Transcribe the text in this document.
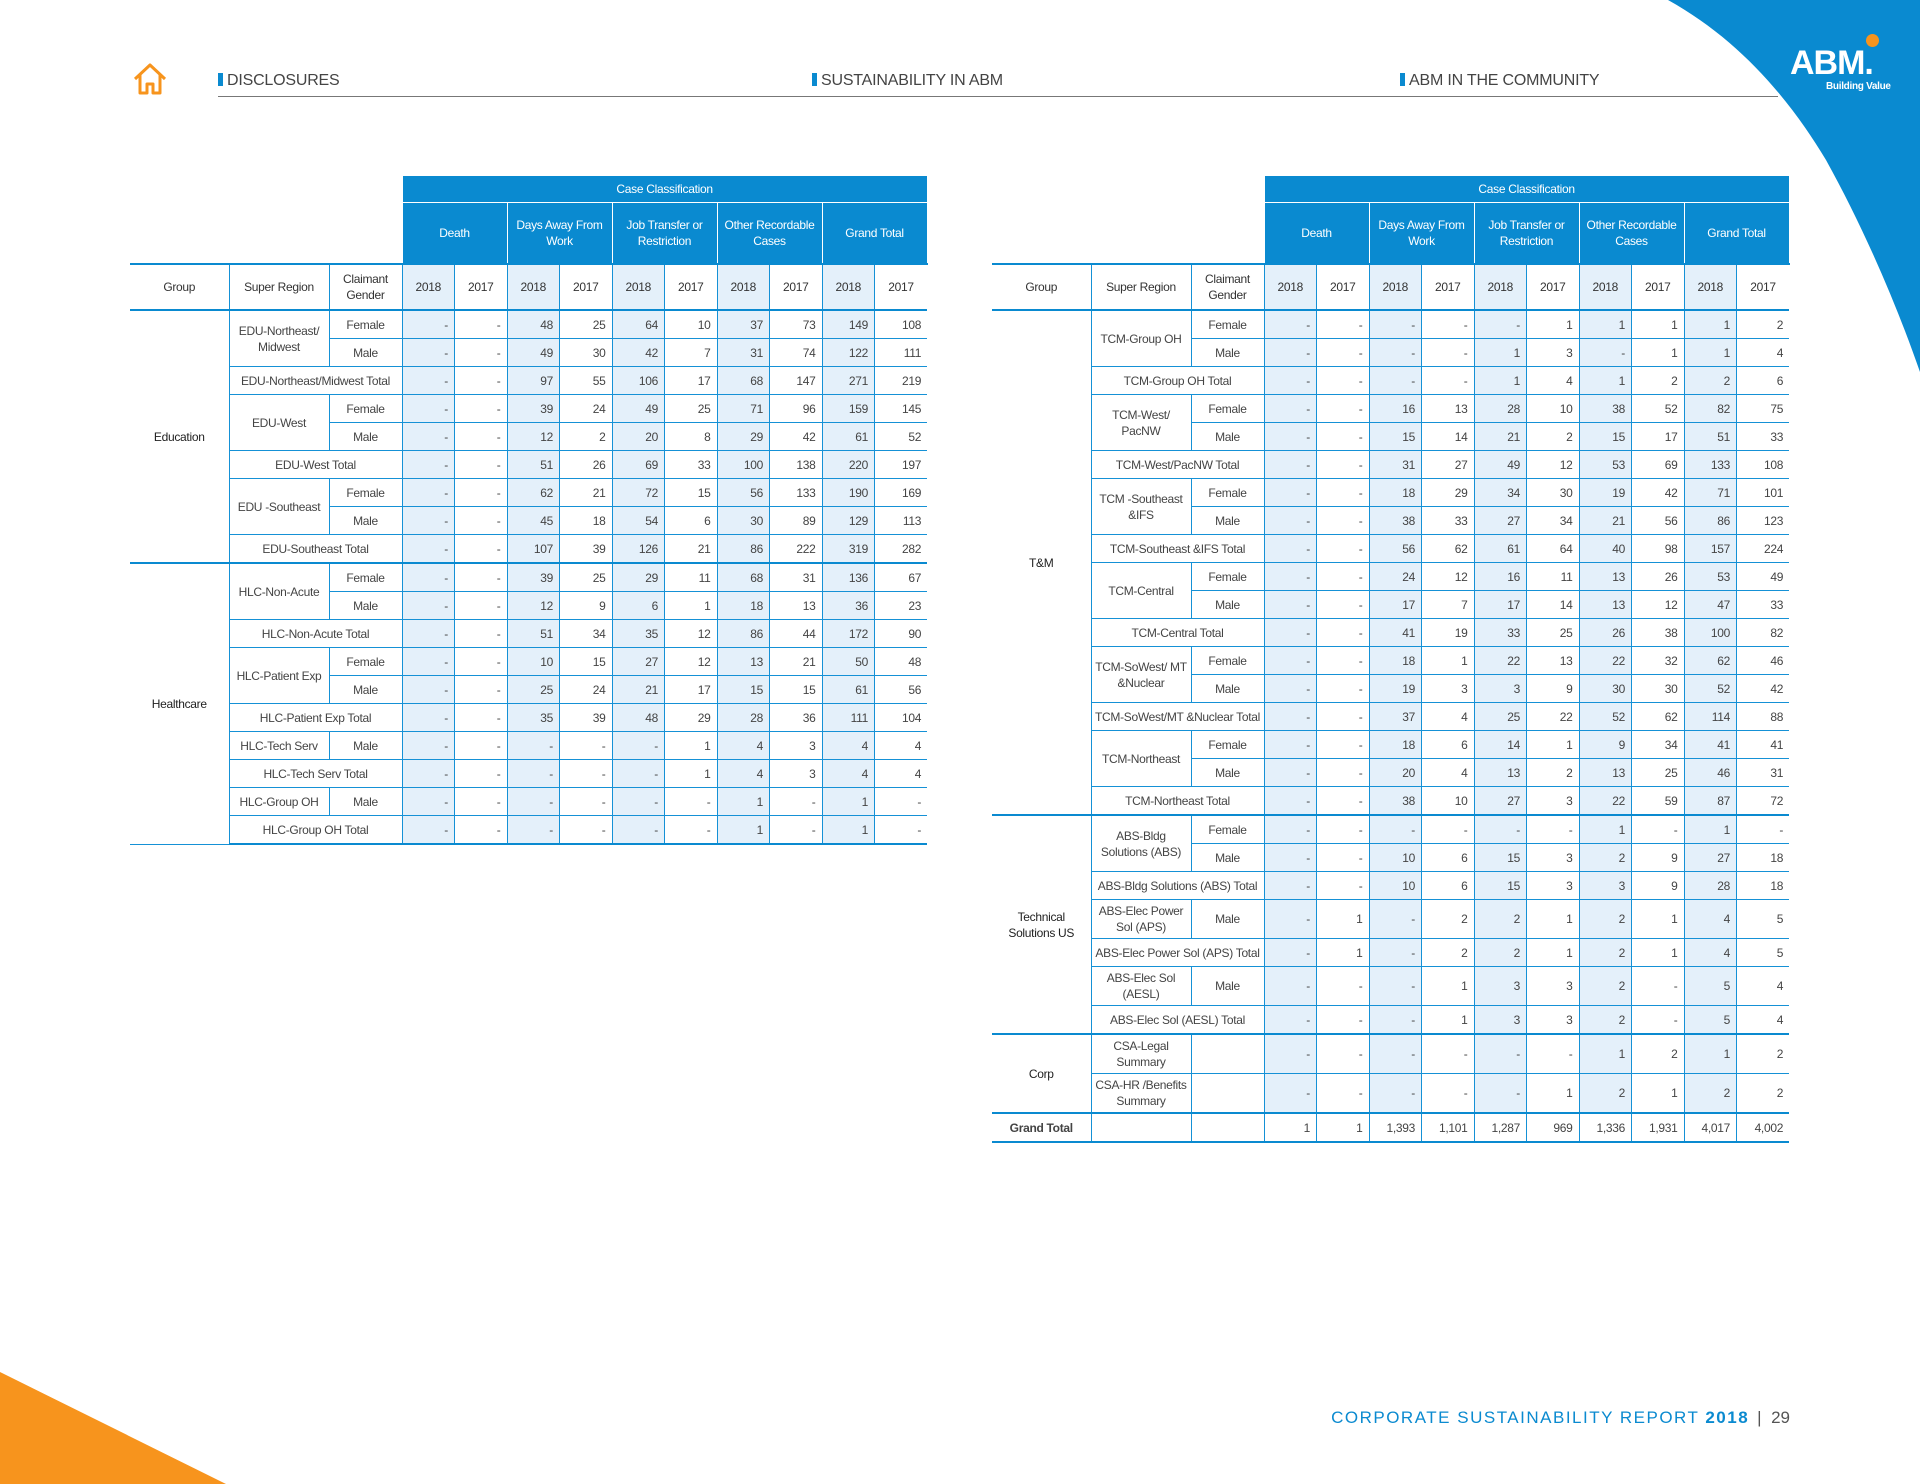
DISCLOSURES	SUSTAINABILITY IN ABM	ABM IN THE COMMUNITY	ABM.
Building Value
			Case Classification									
			Death		Days Away From Work		Job Transfer or Restriction		Other Recordable Cases		Grand Total	
Group	Super Region	Claimant Gender	2018	2017	2018	2017	2018	2017	2018	2017	2018	2017
Education	EDU-Northeast/ Midwest	Female	-	-	48	25	64	10	37	73	149	108
		Male	-	-	49	30	42	7	31	74	122	111
	EDU-Northeast/Midwest Total		-	-	97	55	106	17	68	147	271	219
	EDU-West	Female	-	-	39	24	49	25	71	96	159	145
		Male	-	-	12	2	20	8	29	42	61	52
	EDU-West Total		-	-	51	26	69	33	100	138	220	197
	EDU -Southeast	Female	-	-	62	21	72	15	56	133	190	169
		Male	-	-	45	18	54	6	30	89	129	113
	EDU-Southeast Total		-	-	107	39	126	21	86	222	319	282
Healthcare	HLC-Non-Acute	Female	-	-	39	25	29	11	68	31	136	67
		Male	-	-	12	9	6	1	18	13	36	23
	HLC-Non-Acute Total		-	-	51	34	35	12	86	44	172	90
	HLC-Patient Exp	Female	-	-	10	15	27	12	13	21	50	48
		Male	-	-	25	24	21	17	15	15	61	56
	HLC-Patient Exp Total		-	-	35	39	48	29	28	36	111	104
	HLC-Tech Serv	Male	-	-	-	-	-	1	4	3	4	4
	HLC-Tech Serv Total		-	-	-	-	-	1	4	3	4	4
	HLC-Group OH	Male	-	-	-	-	-	-	1	-	1	-
	HLC-Group OH Total		-	-	-	-	-	-	1	-	1	-
			Case Classification									
			Death		Days Away From Work		Job Transfer or Restriction		Other Recordable Cases		Grand Total	
Group	Super Region	Claimant Gender	2018	2017	2018	2017	2018	2017	2018	2017	2018	2017
T&M	TCM-Group OH	Female	-	-	-	-	-	1	1	1	1	2
		Male	-	-	-	-	1	3	-	1	1	4
	TCM-Group OH Total		-	-	-	-	1	4	1	2	2	6
	TCM-West/ PacNW	Female	-	-	16	13	28	10	38	52	82	75
		Male	-	-	15	14	21	2	15	17	51	33
	TCM-West/PacNW Total		-	-	31	27	49	12	53	69	133	108
	TCM -Southeast &IFS	Female	-	-	18	29	34	30	19	42	71	101
		Male	-	-	38	33	27	34	21	56	86	123
	TCM-Southeast &IFS Total		-	-	56	62	61	64	40	98	157	224
	TCM-Central	Female	-	-	24	12	16	11	13	26	53	49
		Male	-	-	17	7	17	14	13	12	47	33
	TCM-Central Total		-	-	41	19	33	25	26	38	100	82
	TCM-SoWest/ MT &Nuclear	Female	-	-	18	1	22	13	22	32	62	46
		Male	-	-	19	3	3	9	30	30	52	42
	TCM-SoWest/MT &Nuclear Total		-	-	37	4	25	22	52	62	114	88
	TCM-Northeast	Female	-	-	18	6	14	1	9	34	41	41
		Male	-	-	20	4	13	2	13	25	46	31
	TCM-Northeast Total		-	-	38	10	27	3	22	59	87	72
Technical Solutions US	ABS-Bldg Solutions (ABS)	Female	-	-	-	-	-	-	1	-	1	-
		Male	-	-	10	6	15	3	2	9	27	18
	ABS-Bldg Solutions (ABS) Total		-	-	10	6	15	3	3	9	28	18
	ABS-Elec Power Sol (APS)	Male	-	1	-	2	2	1	2	1	4	5
	ABS-Elec Power Sol (APS) Total		-	1	-	2	2	1	2	1	4	5
	ABS-Elec Sol (AESL)	Male	-	-	-	1	3	3	2	-	5	4
	ABS-Elec Sol (AESL) Total		-	-	-	1	3	3	2	-	5	4
Corp	CSA-Legal Summary		-	-	-	-	-	-	1	2	1	2
	CSA-HR /Benefits Summary		-	-	-	-	-	1	2	1	2	2
Grand Total			1	1	1,393	1,101	1,287	969	1,336	1,931	4,017	4,002
CORPORATE SUSTAINABILITY REPORT 2018 | 29
